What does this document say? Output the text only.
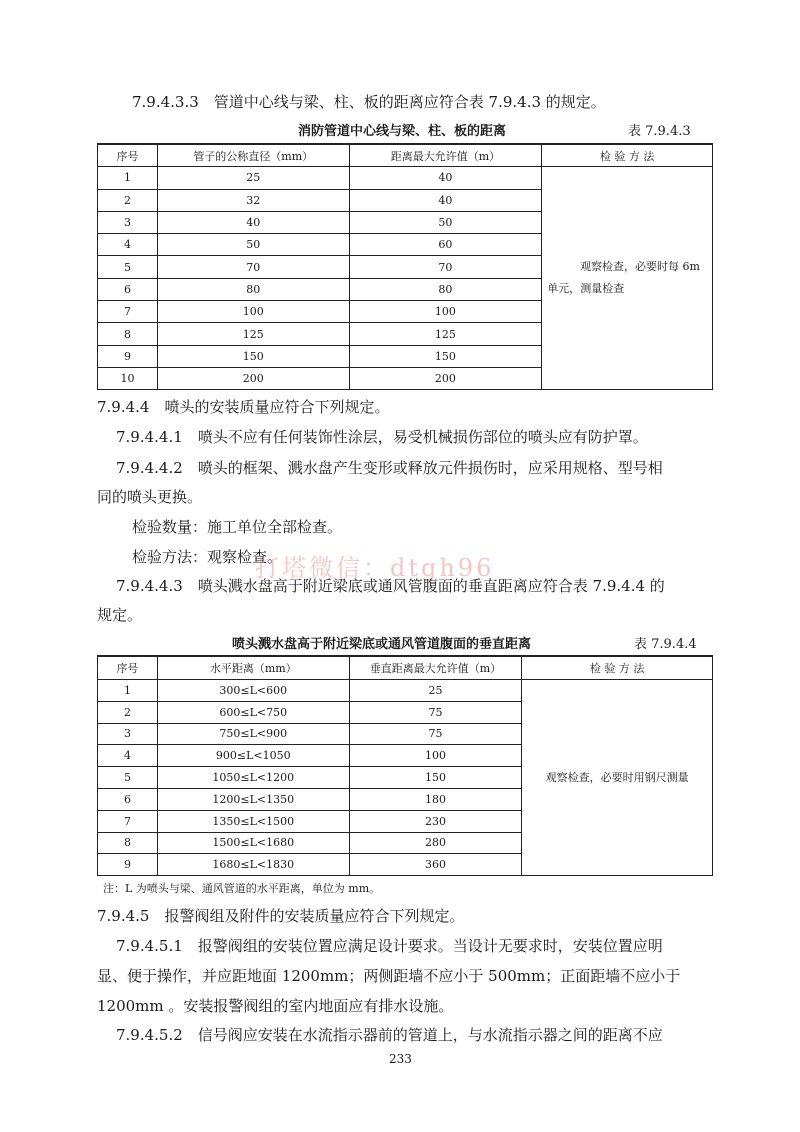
7.9.4.3.3　管道中心线与梁、柱、板的距离应符合表 7.9.4.3 的规定。
消防管道中心线与梁、柱、板的距离	表 7.9.4.3
序号	管子的公称直径（mm）	距离最大允许值（m）	检 验 方 法
1	25	40	观察检查，必要时每 6m
单元，测量检查

2	32	40	
3	40	50	
4	50	60	
5	70	70	
6	80	80	
7	100	100	
8	125	125	
9	150	150	
10	200	200	
7.9.4.4　喷头的安装质量应符合下列规定。
7.9.4.4.1　喷头不应有任何装饰性涂层，易受机械损伤部位的喷头应有防护罩。
7.9.4.4.2　喷头的框架、溅水盘产生变形或释放元件损伤时，应采用规格、型号相
同的喷头更换。
检验数量：施工单位全部检查。
检验方法：观察检查。
打塔微信：dtgh96
7.9.4.4.3　喷头溅水盘高于附近梁底或通风管腹面的垂直距离应符合表 7.9.4.4 的
规定。
喷头溅水盘高于附近梁底或通风管道腹面的垂直距离	表 7.9.4.4
序号	水平距离（mm）	垂直距离最大允许值（m）	检 验 方 法
1	300≤L<600	25	观察检查，必要时用钢尺测量
2	600≤L<750	75	
3	750≤L<900	75	
4	900≤L<1050	100	
5	1050≤L<1200	150	
6	1200≤L<1350	180	
7	1350≤L<1500	230	
8	1500≤L<1680	280	
9	1680≤L<1830	360	
注：L 为喷头与梁、通风管道的水平距离，单位为 mm。
7.9.4.5　报警阀组及附件的安装质量应符合下列规定。
7.9.4.5.1　报警阀组的安装位置应满足设计要求。当设计无要求时，安装位置应明
显、便于操作，并应距地面 1200mm；两侧距墙不应小于 500mm；正面距墙不应小于
1200mm 。安装报警阀组的室内地面应有排水设施。
7.9.4.5.2　信号阀应安装在水流指示器前的管道上，与水流指示器之间的距离不应
233
